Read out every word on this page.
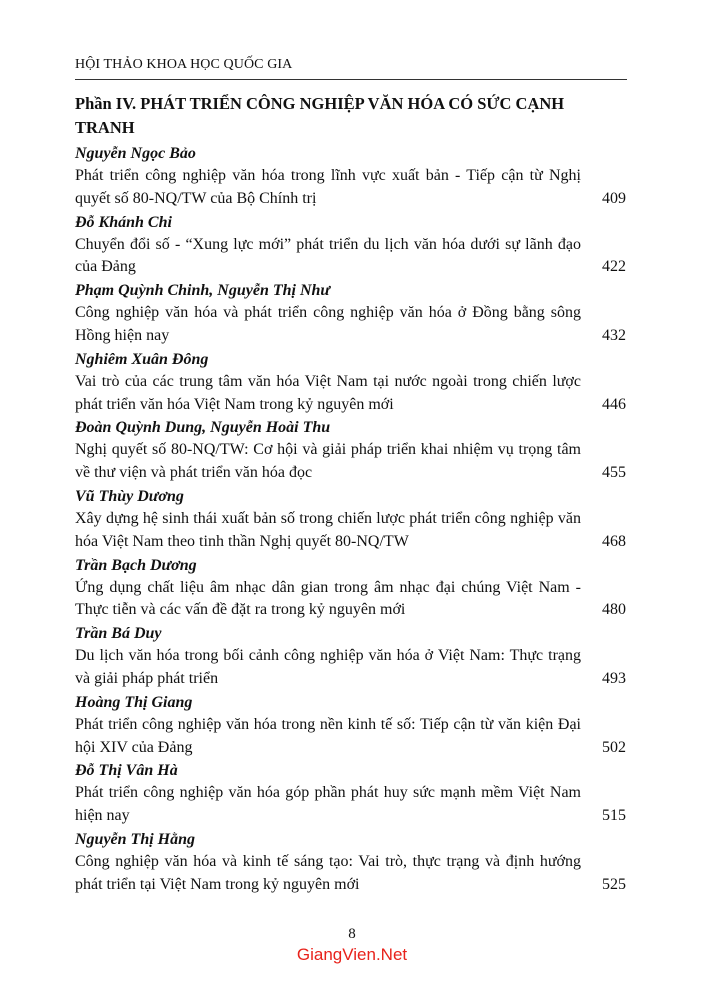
HỘI THẢO KHOA HỌC QUỐC GIA
Phần IV. PHÁT TRIỂN CÔNG NGHIỆP VĂN HÓA CÓ SỨC CẠNH TRANH
Nguyễn Ngọc Bảo
Phát triển công nghiệp văn hóa trong lĩnh vực xuất bản - Tiếp cận từ Nghị quyết số 80-NQ/TW của Bộ Chính trị	409
Đỗ Khánh Chi
Chuyển đổi số - “Xung lực mới” phát triển du lịch văn hóa dưới sự lãnh đạo của Đảng	422
Phạm Quỳnh Chinh, Nguyễn Thị Như
Công nghiệp văn hóa và phát triển công nghiệp văn hóa ở Đồng bằng sông Hồng hiện nay	432
Nghiêm Xuân Đông
Vai trò của các trung tâm văn hóa Việt Nam tại nước ngoài trong chiến lược phát triển văn hóa Việt Nam trong kỷ nguyên mới	446
Đoàn Quỳnh Dung, Nguyễn Hoài Thu
Nghị quyết số 80-NQ/TW: Cơ hội và giải pháp triển khai nhiệm vụ trọng tâm về thư viện và phát triển văn hóa đọc	455
Vũ Thùy Dương
Xây dựng hệ sinh thái xuất bản số trong chiến lược phát triển công nghiệp văn hóa Việt Nam theo tinh thần Nghị quyết 80-NQ/TW	468
Trần Bạch Dương
Ứng dụng chất liệu âm nhạc dân gian trong âm nhạc đại chúng Việt Nam - Thực tiễn và các vấn đề đặt ra trong kỷ nguyên mới	480
Trần Bá Duy
Du lịch văn hóa trong bối cảnh công nghiệp văn hóa ở Việt Nam: Thực trạng và giải pháp phát triển	493
Hoàng Thị Giang
Phát triển công nghiệp văn hóa trong nền kinh tế số: Tiếp cận từ văn kiện Đại hội XIV của Đảng	502
Đỗ Thị Vân Hà
Phát triển công nghiệp văn hóa góp phần phát huy sức mạnh mềm Việt Nam hiện nay	515
Nguyễn Thị Hằng
Công nghiệp văn hóa và kinh tế sáng tạo: Vai trò, thực trạng và định hướng phát triển tại Việt Nam trong kỷ nguyên mới	525
8
GiangVien.Net
